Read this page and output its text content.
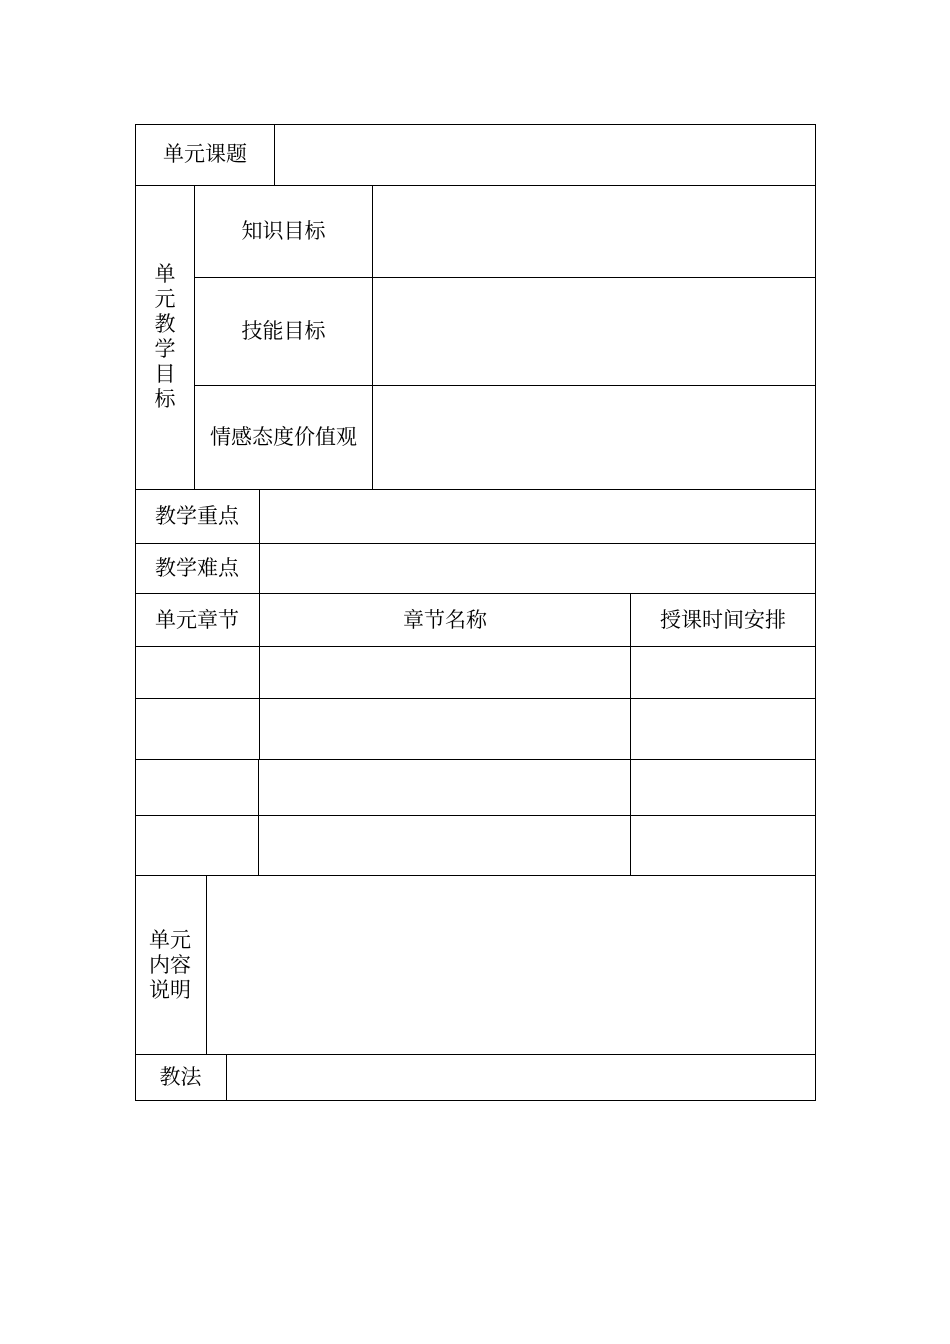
单元课题
单元教学目标
知识目标
技能目标
情感态度价值观
教学重点
教学难点
单元章节	章节名称	授课时间安排
单元内容说明
教法
